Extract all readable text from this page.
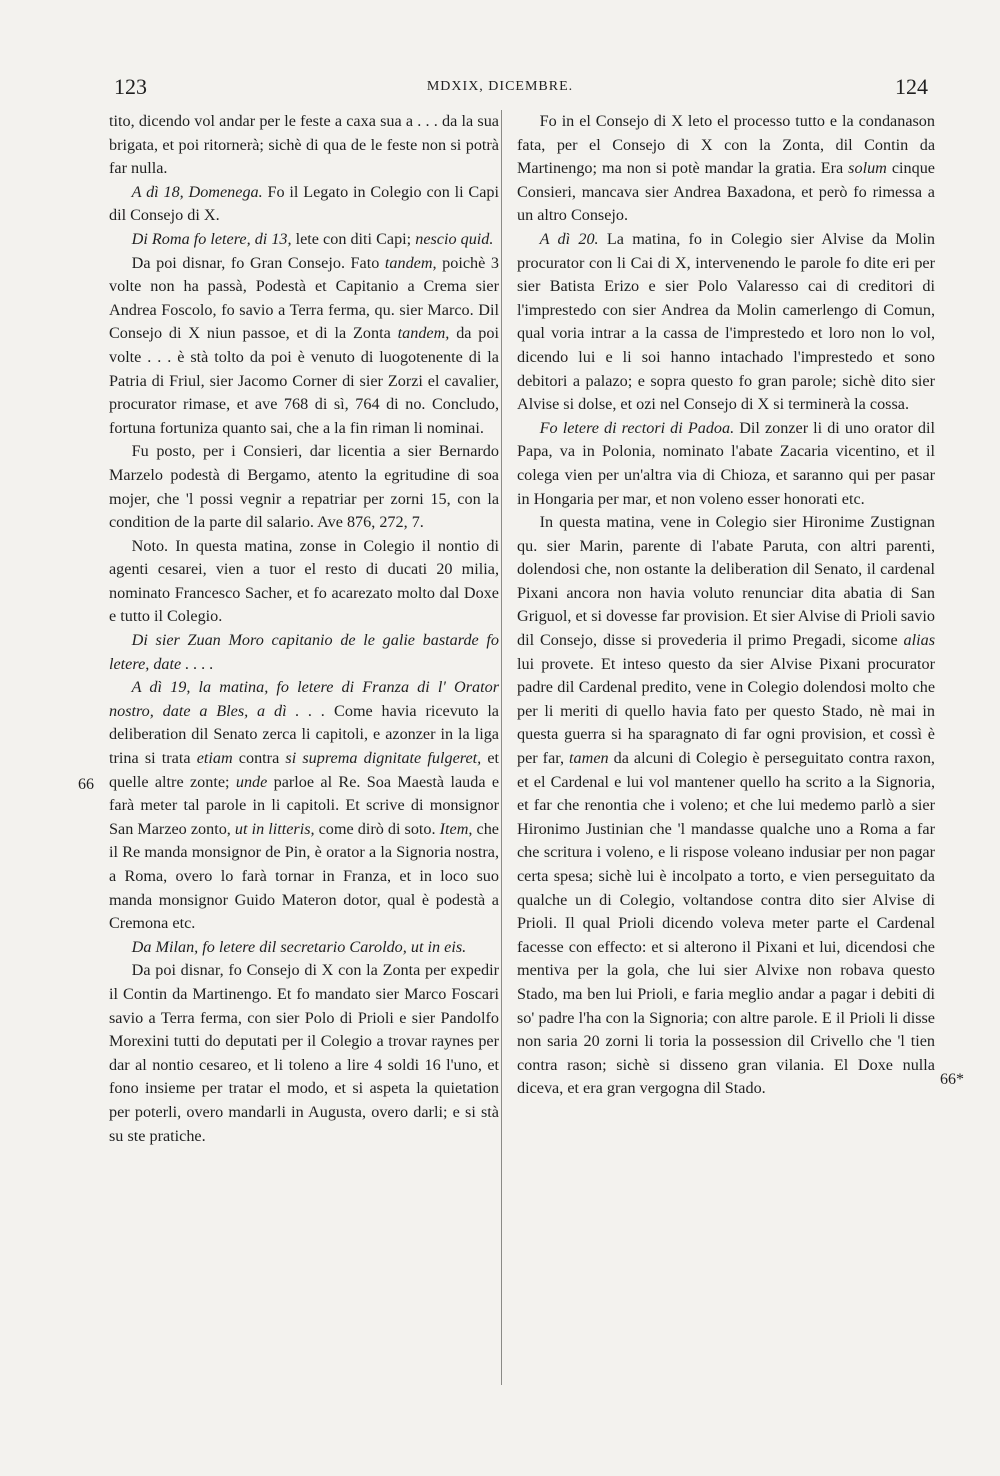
123	MDXIX, DICEMBRE.	124

tito, dicendo vol andar per le feste a caxa sua a . . . da la sua brigata, et poi ritornerà; sichè di qua de le feste non si potrà far nulla.

A dì 18, Domenega. Fo il Legato in Colegio con li Capi dil Consejo di X.

Di Roma fo letere, di 13, lete con diti Capi; nescio quid.

Da poi disnar, fo Gran Consejo. Fato tandem, poichè 3 volte non ha passà, Podestà et Capitanio a Crema sier Andrea Foscolo, fo savio a Terra ferma, qu. sier Marco. Dil Consejo di X niun passoe, et di la Zonta tandem, da poi volte . . . è stà tolto da poi è venuto di luogotenente di la Patria di Friul, sier Jacomo Corner di sier Zorzi el cavalier, procurator rimase, et ave 768 di sì, 764 di no. Concludo, fortuna fortuniza quanto sai, che a la fin riman li nominai.

Fu posto, per i Consieri, dar licentia a sier Bernardo Marzelo podestà di Bergamo, atento la egritudine di soa mojer, che 'l possi vegnir a repatriar per zorni 15, con la condition de la parte dil salario. Ave 876, 272, 7.

Noto. In questa matina, zonse in Colegio il nontio di agenti cesarei, vien a tuor el resto di ducati 20 milia, nominato Francesco Sacher, et fo acarezato molto dal Doxe e tutto il Colegio.

Di sier Zuan Moro capitanio de le galie bastarde fo letere, date . . . .

A dì 19, la matina, fo letere di Franza di l' Orator nostro, date a Bles, a dì . . . Come havia ricevuto la deliberation dil Senato zerca li capitoli, e azonzer in la liga trina si trata etiam contra si suprema dignitate fulgeret, et quelle altre zonte; unde parloe al Re. Soa Maestà lauda e farà meter tal parole in li capitoli. Et scrive di monsignor San Marzeo zonto, ut in litteris, come dirò di soto. Item, che il Re manda monsignor de Pin, è orator a la Signoria nostra, a Roma, overo lo farà tornar in Franza, et in loco suo manda monsignor Guido Materon dotor, qual è podestà a Cremona etc.

Da Milan, fo letere dil secretario Caroldo, ut in eis.

Da poi disnar, fo Consejo di X con la Zonta per expedir il Contin da Martinengo. Et fo mandato sier Marco Foscari savio a Terra ferma, con sier Polo di Prioli e sier Pandolfo Morexini tutti do deputati per il Colegio a trovar raynes per dar al nontio cesareo, et li toleno a lire 4 soldi 16 l'uno, et fono insieme per tratar el modo, et si aspeta la quietation per poterli, overo mandarli in Augusta, overo darli; e si stà su ste pratiche.

Fo in el Consejo di X leto el processo tutto e la condanason fata, per el Consejo di X con la Zonta, dil Contin da Martinengo; ma non si potè mandar la gratia. Era solum cinque Consieri, mancava sier Andrea Baxadona, et però fo rimessa a un altro Consejo.

A dì 20. La matina, fo in Colegio sier Alvise da Molin procurator con li Cai di X, intervenendo le parole fo dite eri per sier Batista Erizo e sier Polo Valaresso cai di creditori di l'imprestedo con sier Andrea da Molin camerlengo di Comun, qual voria intrar a la cassa de l'imprestedo et loro non lo vol, dicendo lui e li soi hanno intachado l'imprestedo et sono debitori a palazo; e sopra questo fo gran parole; sichè dito sier Alvise si dolse, et ozi nel Consejo di X si terminerà la cossa.

Fo letere di rectori di Padoa. Dil zonzer li di uno orator dil Papa, va in Polonia, nominato l'abate Zacaria vicentino, et il colega vien per un'altra via di Chioza, et saranno qui per pasar in Hongaria per mar, et non voleno esser honorati etc.

In questa matina, vene in Colegio sier Hironime Zustignan qu. sier Marin, parente di l'abate Paruta, con altri parenti, dolendosi che, non ostante la deliberation dil Senato, il cardenal Pixani ancora non havia voluto renunciar dita abatia di San Griguol, et si dovesse far provision. Et sier Alvise di Prioli savio dil Consejo, disse si provederia il primo Pregadi, sicome alias lui provete. Et inteso questo da sier Alvise Pixani procurator padre dil Cardenal predito, vene in Colegio dolendosi molto che per li meriti di quello havia fato per questo Stado, nè mai in questa guerra si ha sparagnato di far ogni provision, et cossì è per far, tamen da alcuni di Colegio è perseguitato contra raxon, et el Cardenal e lui vol mantener quello ha scrito a la Signoria, et far che renontia che i voleno; et che lui medemo parlò a sier Hironimo Justinian che 'l mandasse qualche uno a Roma a far che scritura i voleno, e li rispose voleano indusiar per non pagar certa spesa; sichè lui è incolpato a torto, e vien perseguitato da qualche un di Colegio, voltandose contra dito sier Alvise di Prioli. Il qual Prioli dicendo voleva meter parte el Cardenal facesse con effecto: et si alterono il Pixani et lui, dicendosi che mentiva per la gola, che lui sier Alvixe non robava questo Stado, ma ben lui Prioli, e faria meglio andar a pagar i debiti di so' padre l'ha con la Signoria; con altre parole. E il Prioli li disse non saria 20 zorni li toria la possession dil Crivello che 'l tien contra rason; sichè si disseno gran vilania. El Doxe nulla diceva, et era gran vergogna dil Stado.

66

66*
